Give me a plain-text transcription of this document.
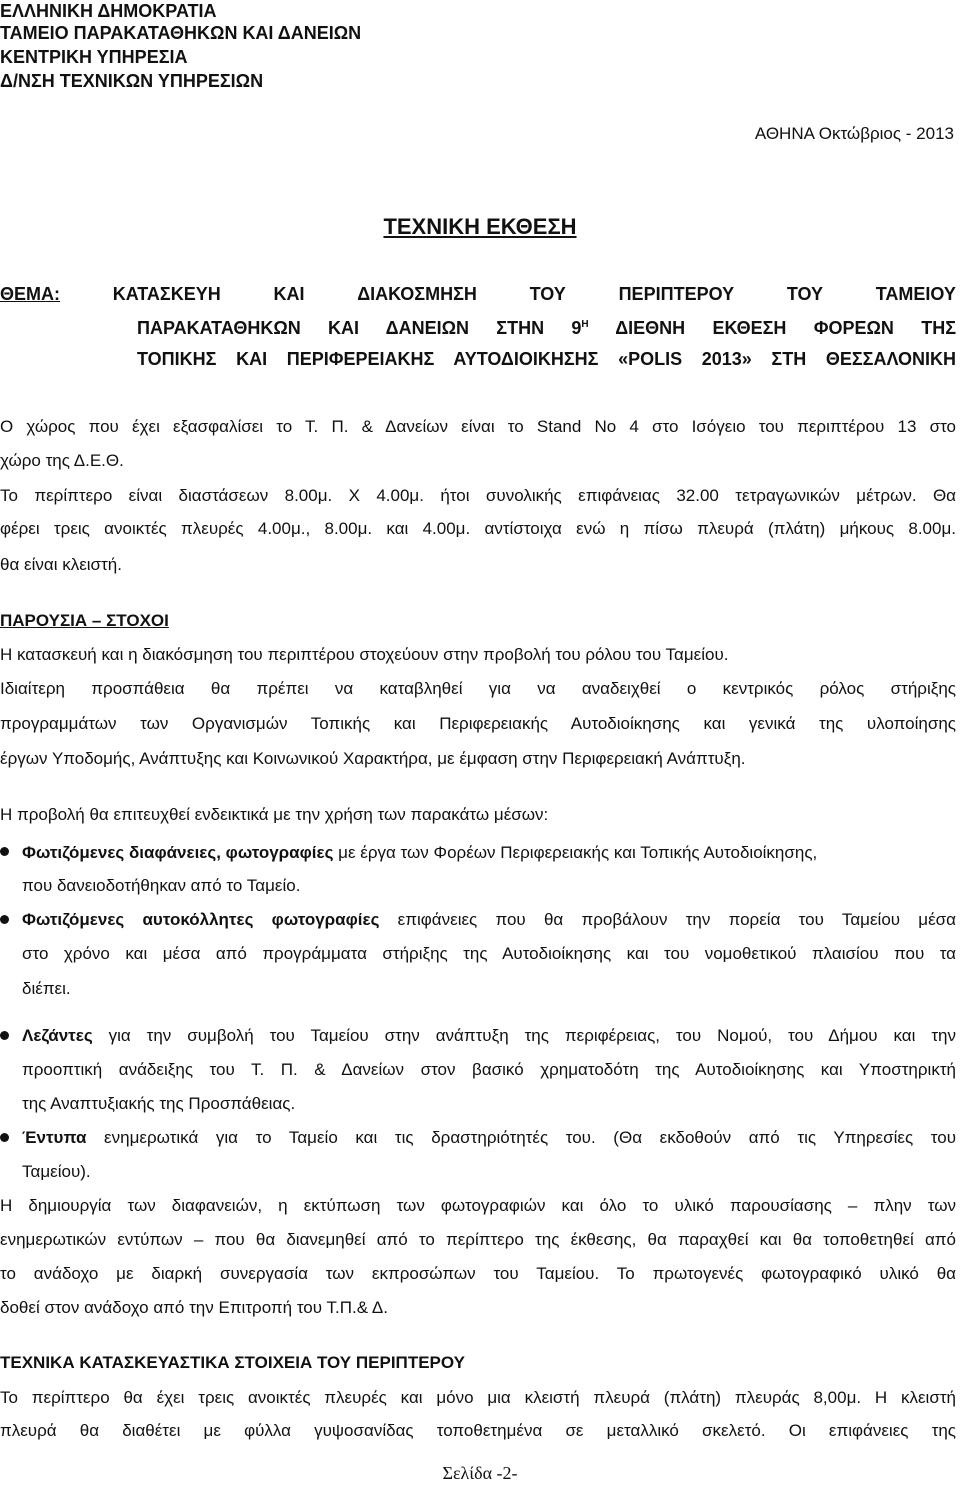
ΕΛΛΗΝΙΚΗ ΔΗΜΟΚΡΑΤΙΑ
ΤΑΜΕΙΟ ΠΑΡΑΚΑΤΑΘΗΚΩΝ ΚΑΙ ΔΑΝΕΙΩΝ
ΚΕΝΤΡΙΚΗ ΥΠΗΡΕΣΙΑ
Δ/ΝΣΗ ΤΕΧΝΙΚΩΝ ΥΠΗΡΕΣΙΩΝ
ΑΘΗΝΑ Οκτώβριος - 2013
ΤΕΧΝΙΚΗ ΕΚΘΕΣΗ
ΘΕΜΑ:	ΚΑΤΑΣΚΕΥΗ	ΚΑΙ	ΔΙΑΚΟΣΜΗΣΗ	ΤΟΥ	ΠΕΡΙΠΤΕΡΟΥ	ΤΟΥ	ΤΑΜΕΙΟΥ
ΠΑΡΑΚΑΤΑΘΗΚΩΝ ΚΑΙ ΔΑΝΕΙΩΝ ΣΤΗΝ $9^H$ ΔΙΕΘΝΗ ΕΚΘΕΣΗ ΦΟΡΕΩΝ ΤΗΣ
ΤΟΠΙΚΗΣ ΚΑΙ ΠΕΡΙΦΕΡΕΙΑΚΗΣ ΑΥΤΟΔΙΟΙΚΗΣΗΣ «POLIS 2013» ΣΤΗ ΘΕΣΣΑΛΟΝΙΚΗ
Ο χώρος που έχει εξασφαλίσει το Τ. Π. & Δανείων είναι το Stand No 4 στο Ισόγειο του περιπτέρου 13 στο
χώρο της Δ.Ε.Θ.
Το περίπτερο είναι διαστάσεων 8.00μ. Χ 4.00μ. ήτοι συνολικής επιφάνειας 32.00 τετραγωνικών μέτρων. Θα
φέρει τρεις ανοικτές πλευρές 4.00μ., 8.00μ. και 4.00μ. αντίστοιχα ενώ η πίσω πλευρά (πλάτη) μήκους 8.00μ.
θα είναι κλειστή.
ΠΑΡΟΥΣΙΑ – ΣΤΟΧΟΙ
Η κατασκευή και η διακόσμηση του περιπτέρου στοχεύουν στην προβολή του ρόλου του Ταμείου.
Ιδιαίτερη προσπάθεια θα πρέπει να καταβληθεί για να αναδειχθεί ο κεντρικός ρόλος στήριξης
προγραμμάτων των Οργανισμών Τοπικής και Περιφερειακής Αυτοδιοίκησης και γενικά της υλοποίησης
έργων Υποδομής, Ανάπτυξης και Κοινωνικού Χαρακτήρα, με έμφαση στην Περιφερειακή Ανάπτυξη.
Η προβολή θα επιτευχθεί ενδεικτικά με την χρήση των παρακάτω μέσων:
Φωτιζόμενες διαφάνειες, φωτογραφίες με έργα των Φορέων Περιφερειακής και Τοπικής Αυτοδιοίκησης,
που δανειοδοτήθηκαν από το Ταμείο.
Φωτιζόμενες αυτοκόλλητες φωτογραφίες επιφάνειες που θα προβάλουν την πορεία του Ταμείου μέσα
στο χρόνο και μέσα από προγράμματα στήριξης της Αυτοδιοίκησης και του νομοθετικού πλαισίου που τα
διέπει.
Λεζάντες για την συμβολή του Ταμείου στην ανάπτυξη της περιφέρειας, του Νομού, του Δήμου και την
προοπτική ανάδειξης του Τ. Π. & Δανείων στον βασικό χρηματοδότη της Αυτοδιοίκησης και Υποστηρικτή
της Αναπτυξιακής της Προσπάθειας.
Έντυπα ενημερωτικά για το Ταμείο και τις δραστηριότητές του. (Θα εκδοθούν από τις Υπηρεσίες του
Ταμείου).
Η δημιουργία των διαφανειών, η εκτύπωση των φωτογραφιών και όλο το υλικό παρουσίασης – πλην των
ενημερωτικών εντύπων – που θα διανεμηθεί από το περίπτερο της έκθεσης, θα παραχθεί και θα τοποθετηθεί από
το ανάδοχο με διαρκή συνεργασία των εκπροσώπων του Ταμείου. Το πρωτογενές φωτογραφικό υλικό θα
δοθεί στον ανάδοχο από την Επιτροπή του Τ.Π.& Δ.
ΤΕΧΝΙΚΑ ΚΑΤΑΣΚΕΥΑΣΤΙΚΑ ΣΤΟΙΧΕΙΑ ΤΟΥ ΠΕΡΙΠΤΕΡΟΥ
Το περίπτερο θα έχει τρεις ανοικτές πλευρές και μόνο μια κλειστή πλευρά (πλάτη) πλευράς 8,00μ. Η κλειστή
πλευρά θα διαθέτει με φύλλα γυψοσανίδας τοποθετημένα σε μεταλλικό σκελετό. Οι επιφάνειες της
Σελίδα -2-
